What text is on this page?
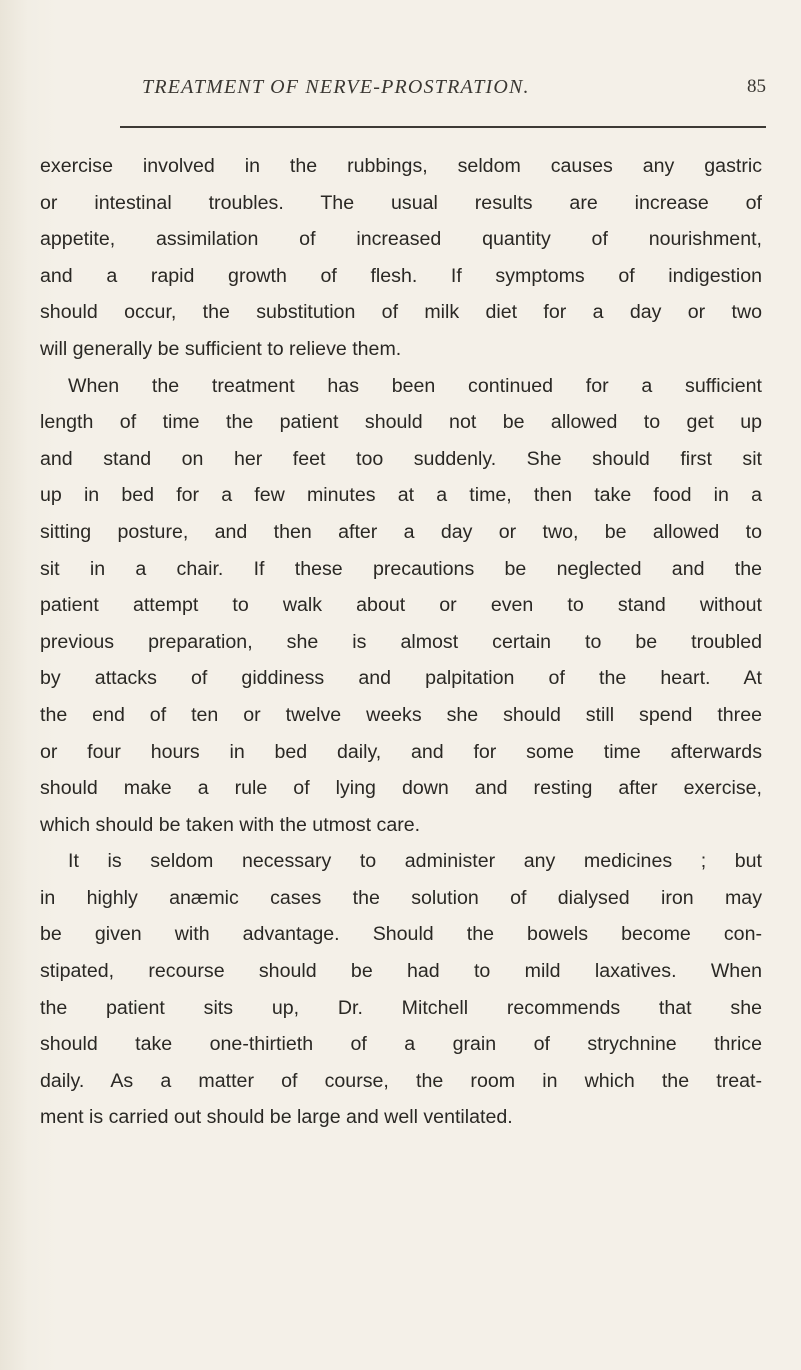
TREATMENT OF NERVE-PROSTRATION.	85
exercise involved in the rubbings, seldom causes any gastric
or intestinal troubles. The usual results are increase of
appetite, assimilation of increased quantity of nourishment,
and a rapid growth of flesh. If symptoms of indigestion
should occur, the substitution of milk diet for a day or two
will generally be sufficient to relieve them.
When the treatment has been continued for a sufficient
length of time the patient should not be allowed to get up
and stand on her feet too suddenly. She should first sit
up in bed for a few minutes at a time, then take food in a
sitting posture, and then after a day or two, be allowed to
sit in a chair. If these precautions be neglected and the
patient attempt to walk about or even to stand without
previous preparation, she is almost certain to be troubled
by attacks of giddiness and palpitation of the heart. At
the end of ten or twelve weeks she should still spend three
or four hours in bed daily, and for some time afterwards
should make a rule of lying down and resting after exercise,
which should be taken with the utmost care.
It is seldom necessary to administer any medicines ; but
in highly anæmic cases the solution of dialysed iron may
be given with advantage. Should the bowels become con-
stipated, recourse should be had to mild laxatives. When
the patient sits up, Dr. Mitchell recommends that she
should take one-thirtieth of a grain of strychnine thrice
daily. As a matter of course, the room in which the treat-
ment is carried out should be large and well ventilated.
